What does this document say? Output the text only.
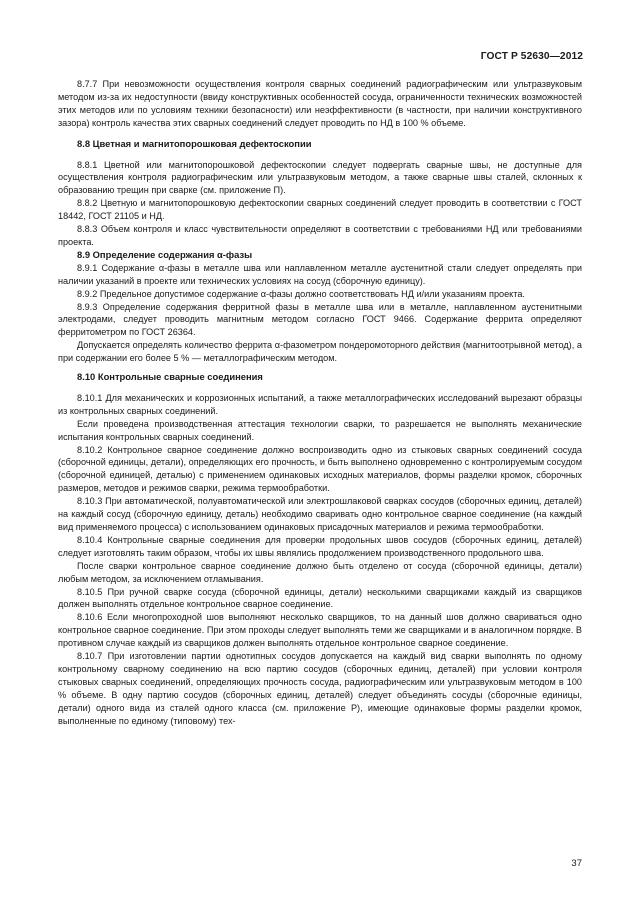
ГОСТ Р 52630—2012

8.7.7 При невозможности осуществления контроля сварных соединений радиографическим или ультразвуковым методом из-за их недоступности (ввиду конструктивных особенностей сосуда, ограниченности технических возможностей этих методов или по условиям техники безопасности) или неэффективности (в частности, при наличии конструктивного зазора) контроль качества этих сварных соединений следует проводить по НД в 100 % объеме.

8.8 Цветная и магнитопорошковая дефектоскопии

8.8.1 Цветной или магнитопорошковой дефектоскопии следует подвергать сварные швы, не доступные для осуществления контроля радиографическим или ультразвуковым методом, а также сварные швы сталей, склонных к образованию трещин при сварке (см. приложение П).

8.8.2 Цветную и магнитопорошковую дефектоскопии сварных соединений следует проводить в соответствии с ГОСТ 18442, ГОСТ 21105 и НД.

8.8.3 Объем контроля и класс чувствительности определяют в соответствии с требованиями НД или требованиями проекта.

8.9 Определение содержания α-фазы

8.9.1 Содержание α-фазы в металле шва или наплавленном металле аустенитной стали следует определять при наличии указаний в проекте или технических условиях на сосуд (сборочную единицу).

8.9.2 Предельное допустимое содержание α-фазы должно соответствовать НД и/или указаниям проекта.

8.9.3 Определение содержания ферритной фазы в металле шва или в металле, наплавленном аустенитными электродами, следует проводить магнитным методом согласно ГОСТ 9466. Содержание феррита определяют ферритометром по ГОСТ 26364.

Допускается определять количество феррита α-фазометром пондеромоторного действия (магнитоотрывной метод), а при содержании его более 5 % — металлографическим методом.

8.10 Контрольные сварные соединения

8.10.1 Для механических и коррозионных испытаний, а также металлографических исследований вырезают образцы из контрольных сварных соединений.

Если проведена производственная аттестация технологии сварки, то разрешается не выполнять механические испытания контрольных сварных соединений.

8.10.2 Контрольное сварное соединение должно воспроизводить одно из стыковых сварных соединений сосуда (сборочной единицы, детали), определяющих его прочность, и быть выполнено одновременно с контролируемым сосудом (сборочной единицей, деталью) с применением одинаковых исходных материалов, формы разделки кромок, сборочных размеров, методов и режимов сварки, режима термообработки.

8.10.3 При автоматической, полуавтоматической или электрошлаковой сварках сосудов (сборочных единиц, деталей) на каждый сосуд (сборочную единицу, деталь) необходимо сваривать одно контрольное сварное соединение (на каждый вид применяемого процесса) с использованием одинаковых присадочных материалов и режима термообработки.

8.10.4 Контрольные сварные соединения для проверки продольных швов сосудов (сборочных единиц, деталей) следует изготовлять таким образом, чтобы их швы являлись продолжением производственного продольного шва.

После сварки контрольное сварное соединение должно быть отделено от сосуда (сборочной единицы, детали) любым методом, за исключением отламывания.

8.10.5 При ручной сварке сосуда (сборочной единицы, детали) несколькими сварщиками каждый из сварщиков должен выполнять отдельное контрольное сварное соединение.

8.10.6 Если многопроходной шов выполняют несколько сварщиков, то на данный шов должно свариваться одно контрольное сварное соединение. При этом проходы следует выполнять теми же сварщиками и в аналогичном порядке. В противном случае каждый из сварщиков должен выполнять отдельное контрольное сварное соединение.

8.10.7 При изготовлении партии однотипных сосудов допускается на каждый вид сварки выполнять по одному контрольному сварному соединению на всю партию сосудов (сборочных единиц, деталей) при условии контроля стыковых сварных соединений, определяющих прочность сосуда, радиографическим или ультразвуковым методом в 100 % объеме. В одну партию сосудов (сборочных единиц, деталей) следует объединять сосуды (сборочные единицы, детали) одного вида из сталей одного класса (см. приложение Р), имеющие одинаковые формы разделки кромок, выполненные по единому (типовому) тех-

37
